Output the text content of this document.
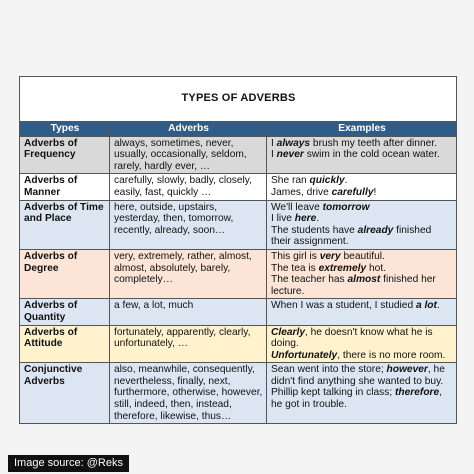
TYPES OF ADVERBS		
Types	Adverbs	Examples
Adverbs of Frequency	always, sometimes, never, usually, occasionally, seldom, rarely, hardly ever, …	I always brush my teeth after dinner.
I never swim in the cold ocean water.

Adverbs of Manner	carefully, slowly, badly, closely, easily, fast, quickly …	She ran quickly.
James, drive carefully!

Adverbs of Time and Place	here, outside, upstairs, yesterday, then, tomorrow, recently, already, soon…	We'll leave tomorrow
I live here.
The students have already finished their assignment.

Adverbs of Degree	very, extremely, rather, almost, almost, absolutely, barely, completely…	This girl is very beautiful.
The tea is extremely hot.
The teacher has almost finished her lecture.

Adverbs of Quantity	a few, a lot, much	When I was a student, I studied a lot.

Adverbs of Attitude	fortunately, apparently, clearly, unfortunately, …	Clearly, he doesn't know what he is doing.
Unfortunately, there is no more room.

Conjunctive Adverbs	also, meanwhile, consequently, nevertheless, finally, next, furthermore, otherwise, however, still, indeed, then, instead, therefore, likewise, thus…	Sean went into the store; however, he didn't find anything she wanted to buy.
Phillip kept talking in class; therefore, he got in trouble.
Image source: @Reks
